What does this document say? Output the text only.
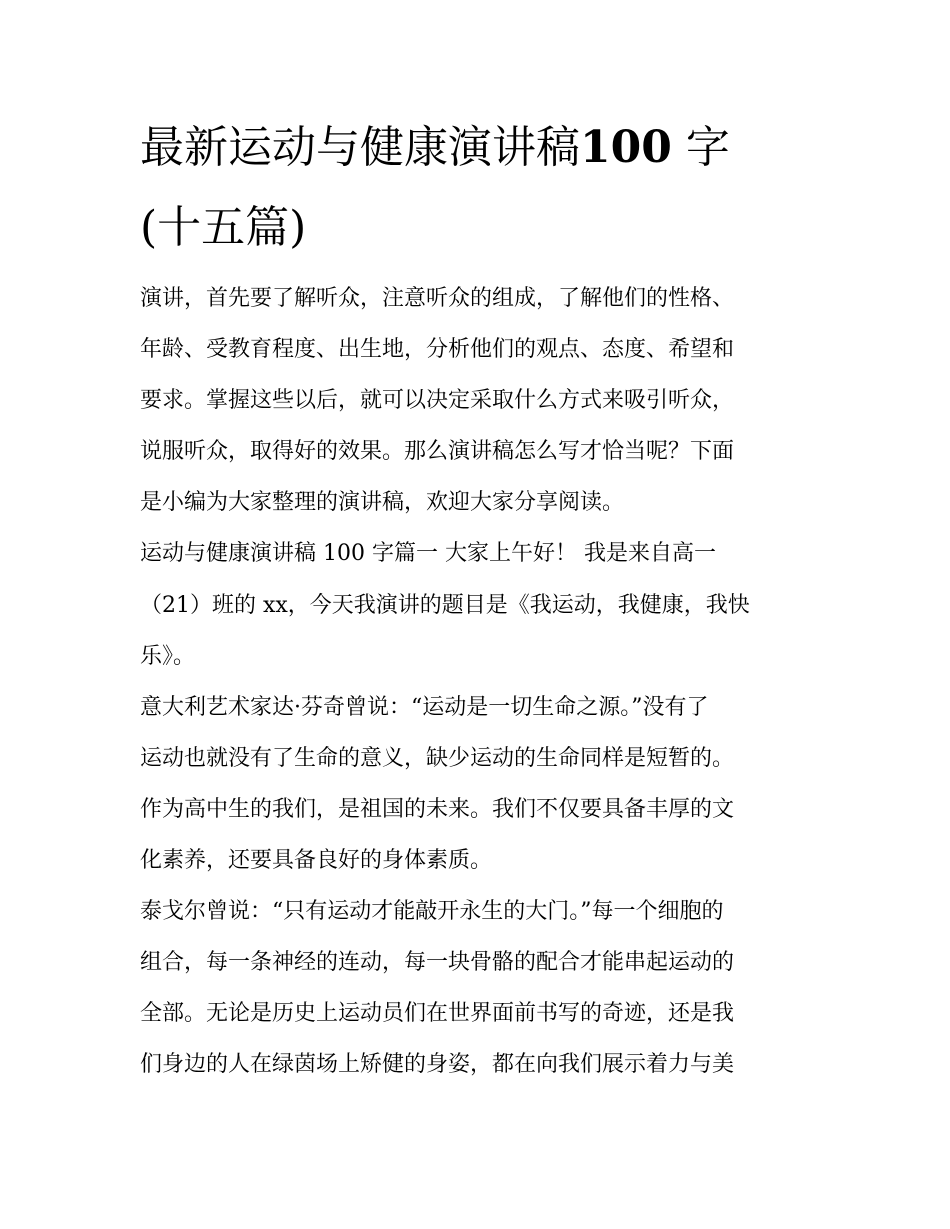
最新运动与健康演讲稿100 字
(十五篇)
演讲，首先要了解听众，注意听众的组成，了解他们的性格、
年龄、受教育程度、出生地，分析他们的观点、态度、希望和
要求。掌握这些以后，就可以决定采取什么方式来吸引听众，
说服听众，取得好的效果。那么演讲稿怎么写才恰当呢？下面
是小编为大家整理的演讲稿，欢迎大家分享阅读。
运动与健康演讲稿 100 字篇一 大家上午好！ 我是来自高一
（21）班的 xx，今天我演讲的题目是《我运动，我健康，我快
乐》。
意大利艺术家达·芬奇曾说：“运动是一切生命之源。”没有了
运动也就没有了生命的意义，缺少运动的生命同样是短暂的。
作为高中生的我们，是祖国的未来。我们不仅要具备丰厚的文
化素养，还要具备良好的身体素质。
泰戈尔曾说：“只有运动才能敲开永生的大门。”每一个细胞的
组合，每一条神经的连动，每一块骨骼的配合才能串起运动的
全部。无论是历史上运动员们在世界面前书写的奇迹，还是我
们身边的人在绿茵场上矫健的身姿，都在向我们展示着力与美
